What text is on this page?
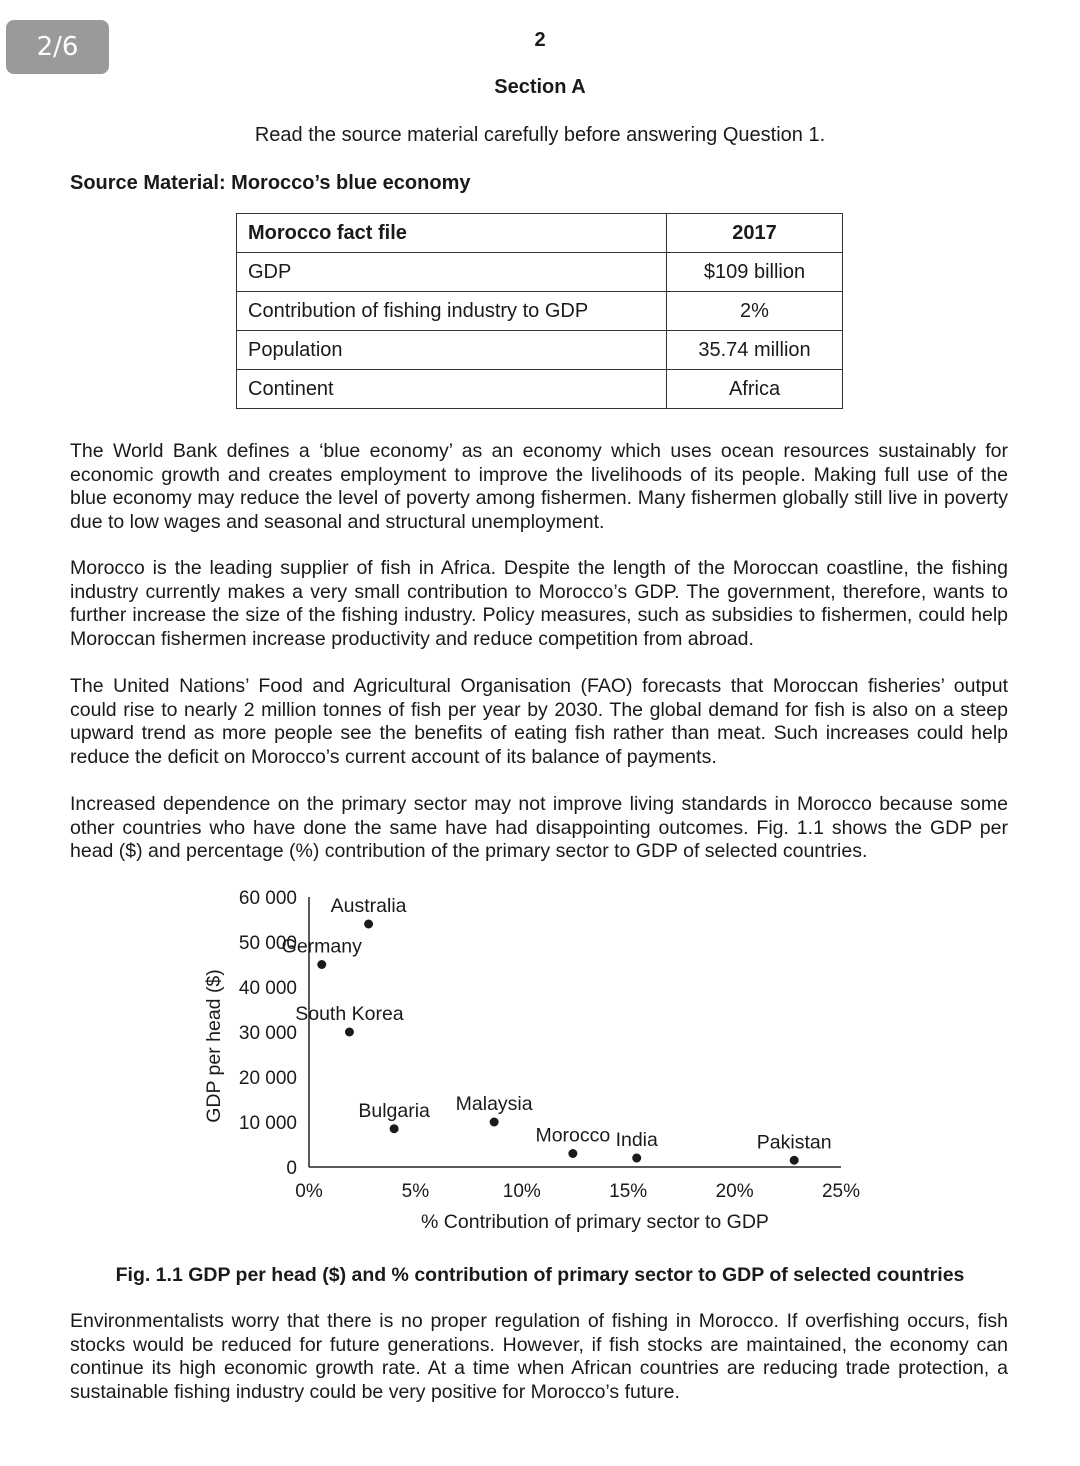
2/6	2
Section A
Read the source material carefully before answering Question 1.
Source Material: Morocco’s blue economy
Morocco fact file	2017
GDP	$109 billion
Contribution of fishing industry to GDP	2%
Population	35.74 million
Continent	Africa

The World Bank defines a ‘blue economy’ as an economy which uses ocean resources sustainably for economic growth and creates employment to improve the livelihoods of its people. Making full use of the blue economy may reduce the level of poverty among fishermen. Many fishermen globally still live in poverty due to low wages and seasonal and structural unemployment.

Morocco is the leading supplier of fish in Africa. Despite the length of the Moroccan coastline, the fishing industry currently makes a very small contribution to Morocco’s GDP. The government, therefore, wants to further increase the size of the fishing industry. Policy measures, such as subsidies to fishermen, could help Moroccan fishermen increase productivity and reduce competition from abroad.

The United Nations’ Food and Agricultural Organisation (FAO) forecasts that Moroccan fisheries’ output could rise to nearly 2 million tonnes of fish per year by 2030. The global demand for fish is also on a steep upward trend as more people see the benefits of eating fish rather than meat. Such increases could help reduce the deficit on Morocco’s current account of its balance of payments.

Increased dependence on the primary sector may not improve living standards in Morocco because some other countries who have done the same have had disappointing outcomes. Fig. 1.1 shows the GDP per head ($) and percentage (%) contribution of the primary sector to GDP of selected countries.

0
10 000
20 000
30 000
40 000
50 000
60 000
0%	5%	10%	15%	20%	25%
% Contribution of primary sector to GDP
GDP per head ($)
Australia
Germany
South Korea
Bulgaria Malaysia
Morocco India	Pakistan
Fig. 1.1 GDP per head ($) and % contribution of primary sector to GDP of selected countries

Environmentalists worry that there is no proper regulation of fishing in Morocco. If overfishing occurs, fish stocks would be reduced for future generations. However, if fish stocks are maintained, the economy can continue its high economic growth rate. At a time when African countries are reducing trade protection, a sustainable fishing industry could be very positive for Morocco’s future.
